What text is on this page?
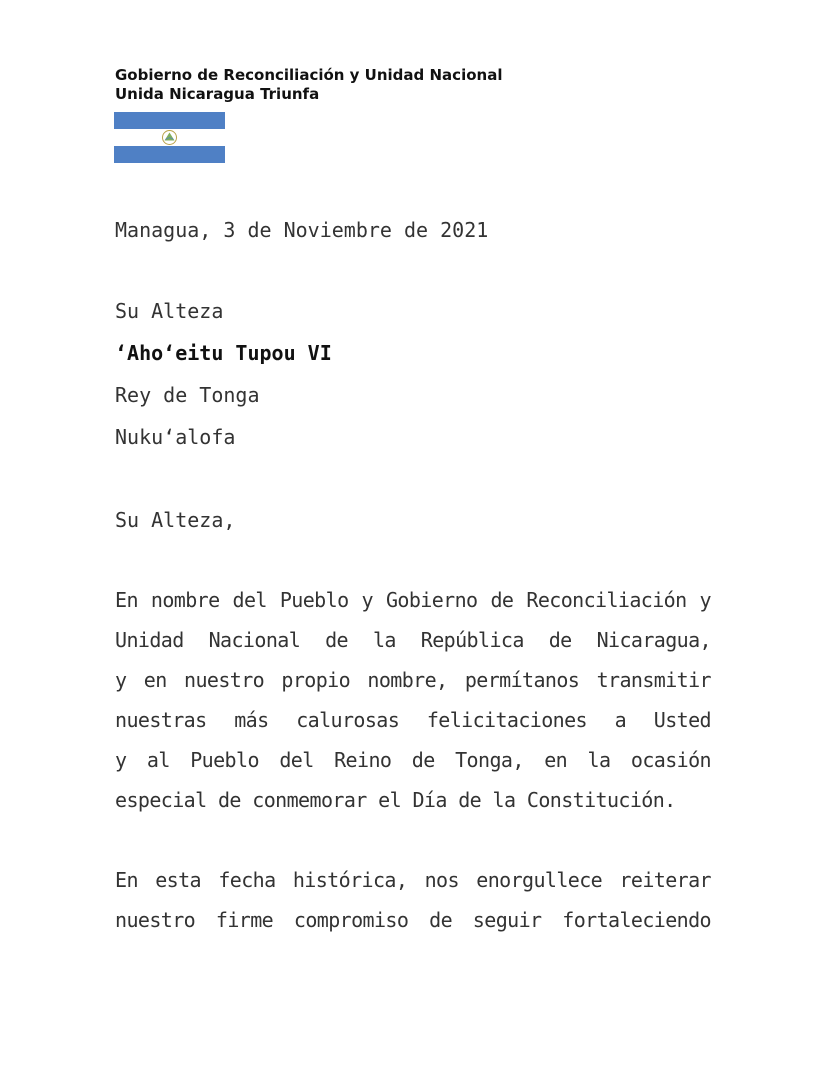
Gobierno de Reconciliación y Unidad Nacional
Unida Nicaragua Triunfa
Managua, 3 de Noviembre de 2021
Su Alteza
ʻAhoʻeitu Tupou VI
Rey de Tonga
Nukuʻalofa
Su Alteza,
En nombre del Pueblo y Gobierno de Reconciliación y
Unidad Nacional de la República de Nicaragua,
y en nuestro propio nombre, permítanos transmitir
nuestras más calurosas felicitaciones a Usted
y al Pueblo del Reino de Tonga, en la ocasión
especial de conmemorar el Día de la Constitución.
En esta fecha histórica, nos enorgullece reiterar
nuestro firme compromiso de seguir fortaleciendo
